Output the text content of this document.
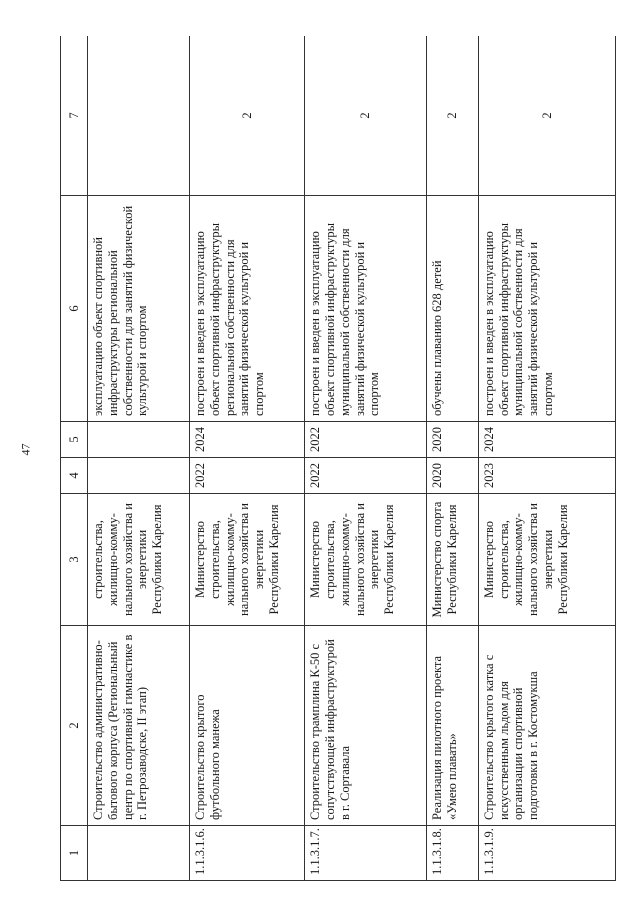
47
1	2	3	4	5	6	7
	Строительство административно-бытового корпуса (Региональный центр по спортивной гимнастике в г. Петрозаводске, II этап)	строительства, жилищно-комму-нального хозяйства и энергетики Республики Карелия			эксплуатацию объект спортивной инфраструктуры региональной собственности для занятий физической культурой и спортом	
1.1.3.1.6.	Строительство крытого футбольного манежа	Министерство строительства, жилищно-комму-нального хозяйства и энергетики Республики Карелия	2022	2024	построен и введен в эксплуатацию объект спортивной инфраструктуры региональной собственности для занятий физической культурой и спортом	2
1.1.3.1.7.	Строительство трамплина К-50 с сопутствующей инфраструктурой в г. Сортавала	Министерство строительства, жилищно-комму-нального хозяйства и энергетики Республики Карелия	2022	2022	построен и введен в эксплуатацию объект спортивной инфраструктуры муниципальной собственности для занятий физической культурой и спортом	2
1.1.3.1.8.	Реализация пилотного проекта «Умею плавать»	Министерство спорта Республики Карелия	2020	2020	обучены плаванию 628 детей	2
1.1.3.1.9.	Строительство крытого катка с искусственным льдом для организации спортивной подготовки в г. Костомукша	Министерство строительства, жилищно-комму-нального хозяйства и энергетики Республики Карелия	2023	2024	построен и введен в эксплуатацию объект спортивной инфраструктуры муниципальной собственности для занятий физической культурой и спортом	2
